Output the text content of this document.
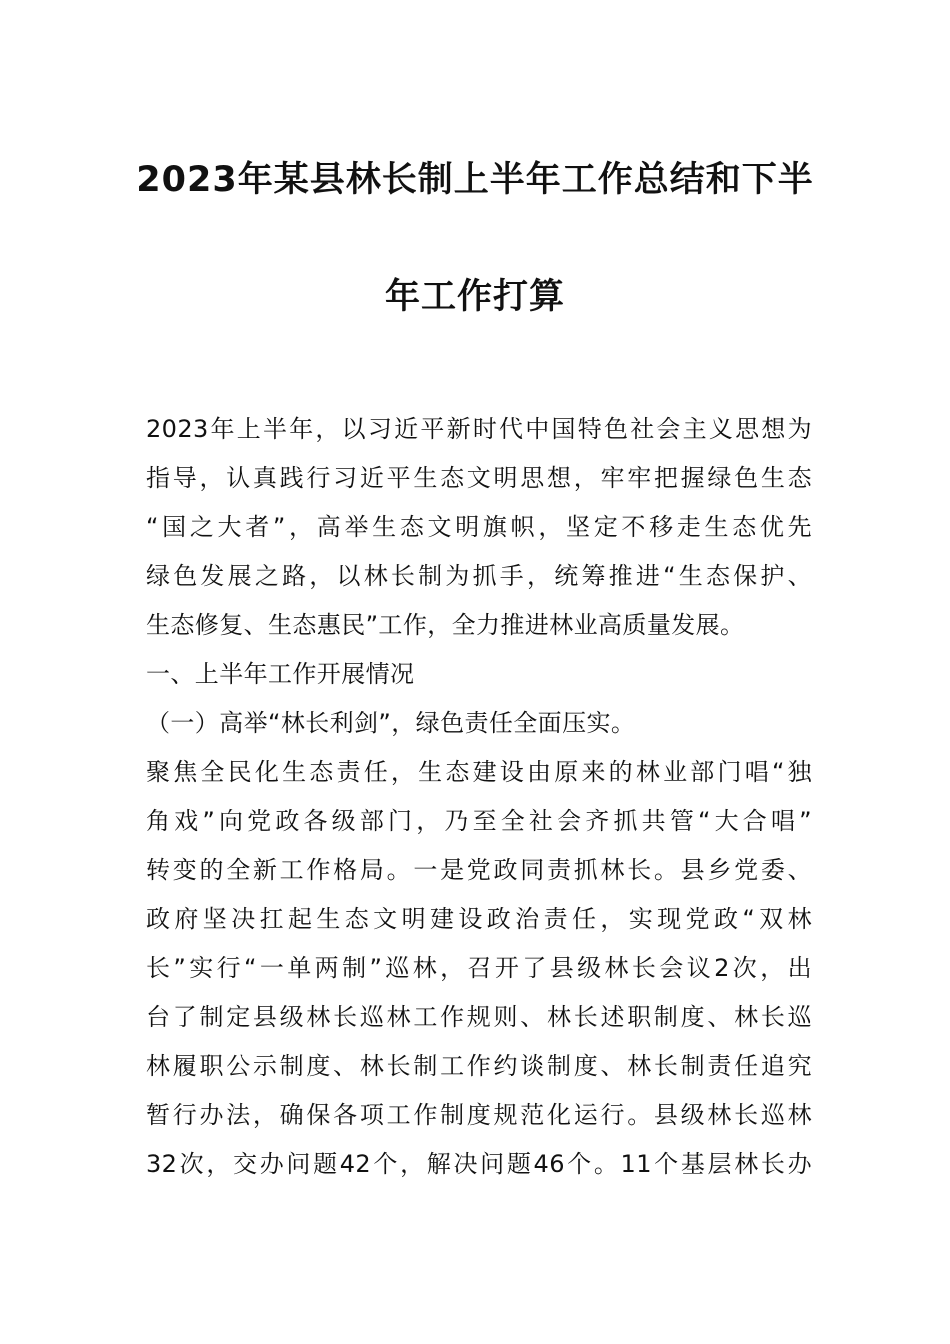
2023年某县林长制上半年工作总结和下半
年工作打算
2023年上半年，以习近平新时代中国特色社会主义思想为
指导，认真践行习近平生态文明思想，牢牢把握绿色生态
“国之大者”，高举生态文明旗帜，坚定不移走生态优先
绿色发展之路，以林长制为抓手，统筹推进“生态保护、
生态修复、生态惠民”工作，全力推进林业高质量发展。
一、上半年工作开展情况
（一）高举“林长利剑”，绿色责任全面压实。
聚焦全民化生态责任，生态建设由原来的林业部门唱“独
角戏”向党政各级部门，乃至全社会齐抓共管“大合唱”
转变的全新工作格局。一是党政同责抓林长。县乡党委、
政府坚决扛起生态文明建设政治责任，实现党政“双林
长”实行“一单两制”巡林，召开了县级林长会议2次，出
台了制定县级林长巡林工作规则、林长述职制度、林长巡
林履职公示制度、林长制工作约谈制度、林长制责任追究
暂行办法，确保各项工作制度规范化运行。县级林长巡林
32次，交办问题42个，解决问题46个。11个基层林长办
